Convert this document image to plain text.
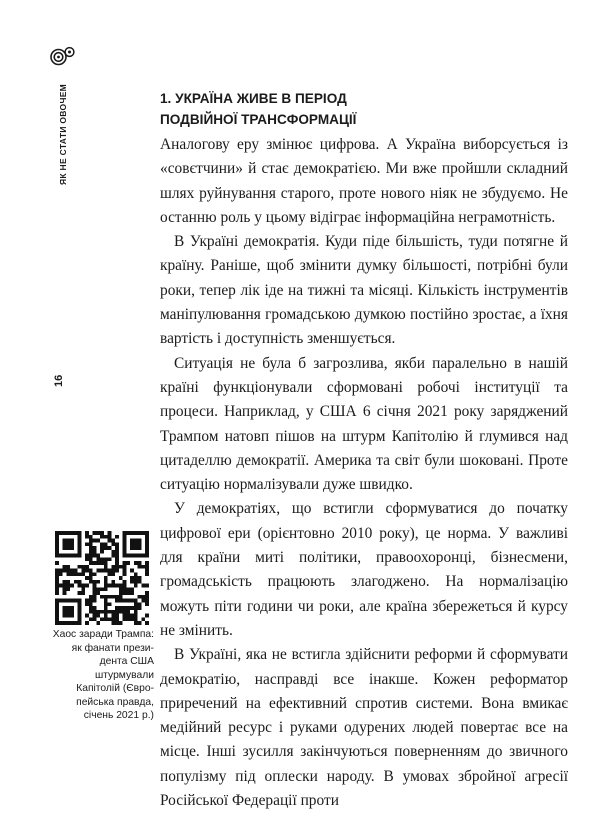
ЯК НЕ СТАТИ ОВОЧЕМ
16
Хаос заради Трампа:
як фанати прези-
дента США
штурмували
Капітолій (Євро-
пейська правда,
січень 2021 р.)
1. УКРАЇНА ЖИВЕ В ПЕРІОД
ПОДВІЙНОЇ ТРАНСФОРМАЦІЇ

Аналогову еру змінює цифрова. А Україна виборсується із «совєтчини» й стає демократією. Ми вже пройшли складний шлях руйнування старого, проте нового ніяк не збудуємо. Не останню роль у цьому відіграє інформаційна неграмотність.

В Україні демократія. Куди піде більшість, туди потягне й країну. Раніше, щоб змінити думку більшості, потрібні були роки, тепер лік іде на тижні та місяці. Кількість інструментів маніпулювання громадською думкою постійно зростає, а їхня вартість і доступність зменшується.

Ситуація не була б загрозлива, якби паралельно в нашій країні функціонували сформовані робочі інституції та процеси. Наприклад, у США 6 січня 2021 року заряджений Трампом натовп пішов на штурм Капітолію й глумився над цитаделлю демократії. Америка та світ були шоковані. Проте ситуацію нормалізували дуже швидко.

У демократіях, що встигли сформуватися до початку цифрової ери (орієнтовно 2010 року), це норма. У важливі для країни миті політики, правоохоронці, бізнесмени, громадськість працюють злагоджено. На нормалізацію можуть піти години чи роки, але країна збережеться й курсу не змінить.

В Україні, яка не встигла здійснити реформи й сформувати демократію, насправді все інакше. Кожен реформатор приречений на ефективний спротив системи. Вона вмикає медійний ресурс і руками одурених людей повертає все на місце. Інші зусилля закінчуються поверненням до звичного популізму під оплески народу. В умовах збройної агресії Російської Федерації проти
